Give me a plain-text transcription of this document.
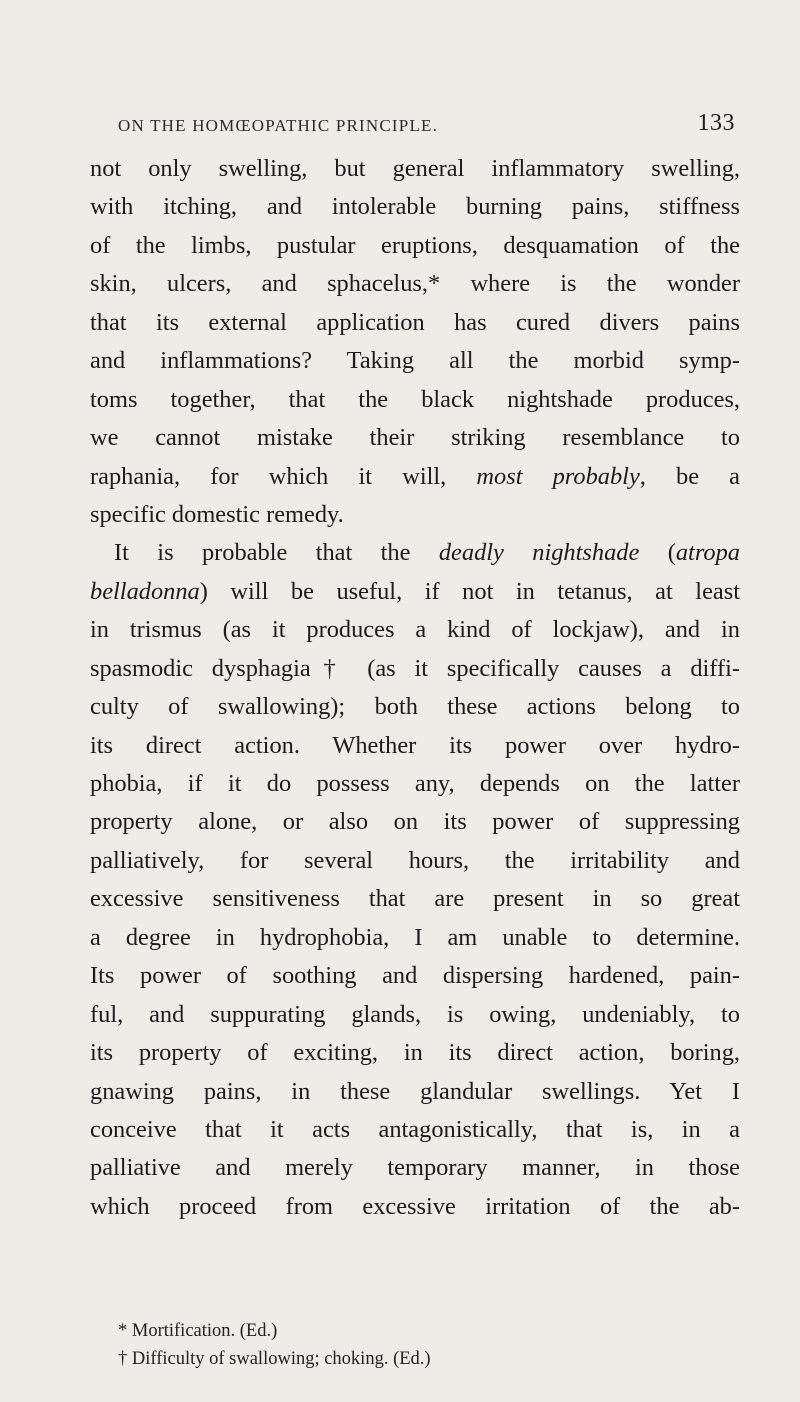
ON THE HOMŒOPATHIC PRINCIPLE.	133
not only swelling, but general inflammatory swelling,
with itching, and intolerable burning pains, stiffness
of the limbs, pustular eruptions, desquamation of the
skin, ulcers, and sphacelus,* where is the wonder
that its external application has cured divers pains
and inflammations? Taking all the morbid symp-
toms together, that the black nightshade produces,
we cannot mistake their striking resemblance to
raphania, for which it will, most probably, be a
specific domestic remedy.
It is probable that the deadly nightshade (atropa
belladonna) will be useful, if not in tetanus, at least
in trismus (as it produces a kind of lockjaw), and in
spasmodic dysphagia† (as it specifically causes a diffi-
culty of swallowing); both these actions belong to
its direct action. Whether its power over hydro-
phobia, if it do possess any, depends on the latter
property alone, or also on its power of suppressing
palliatively, for several hours, the irritability and
excessive sensitiveness that are present in so great
a degree in hydrophobia, I am unable to determine.
Its power of soothing and dispersing hardened, pain-
ful, and suppurating glands, is owing, undeniably, to
its property of exciting, in its direct action, boring,
gnawing pains, in these glandular swellings. Yet I
conceive that it acts antagonistically, that is, in a
palliative and merely temporary manner, in those
which proceed from excessive irritation of the ab-
* Mortification. (Ed.)
† Difficulty of swallowing; choking. (Ed.)
